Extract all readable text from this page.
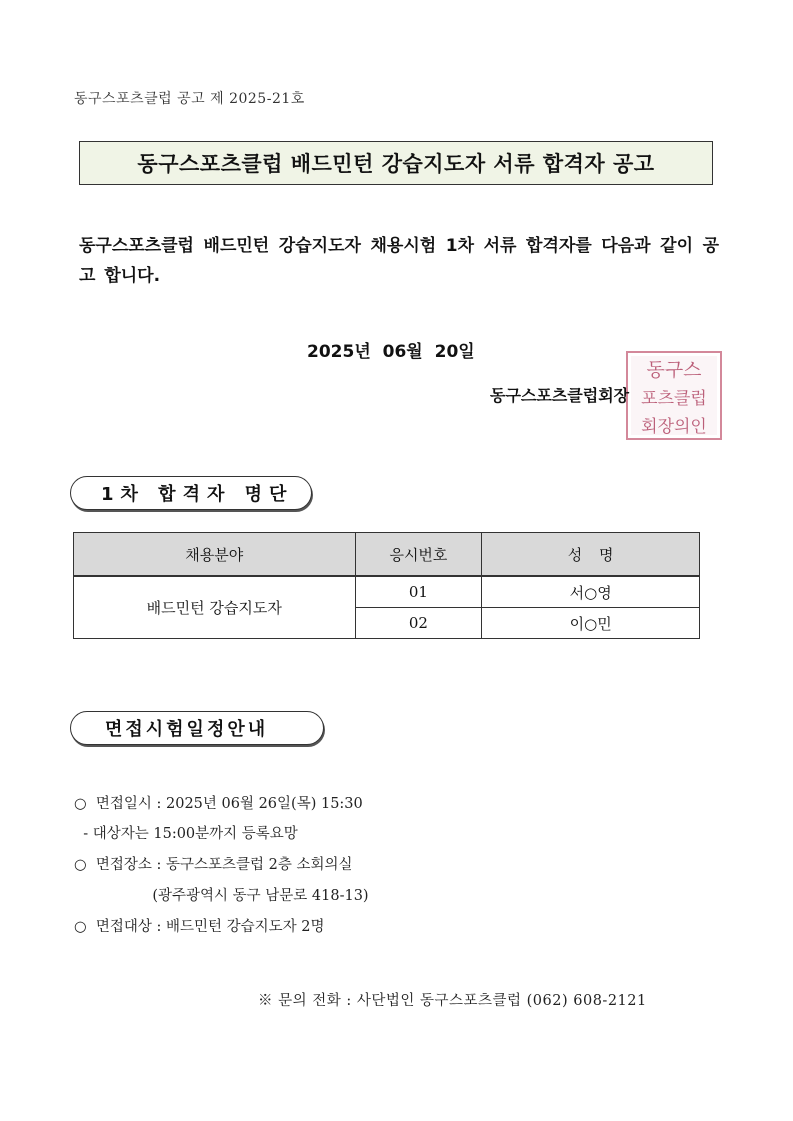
동구스포츠클럽 공고 제 2025-21호
동구스포츠클럽 배드민턴 강습지도자 서류 합격자 공고
동구스포츠클럽 배드민턴 강습지도자 채용시험 1차 서류 합격자를 다음과 같이 공고 합니다.
2025년 06월 20일
동구스
포츠클럽
회장의인
동구스포츠클럽회장
1차 합격자 명단
채용분야	응시번호	성 명
배드민턴 강습지도자	01	서○영
	02	이○민
면접시험일정안내
○  면접일시 : 2025년 06월 26일(목) 15:30
- 대상자는 15:00분까지 등록요망
○  면접장소 : 동구스포츠클럽 2층 소회의실
(광주광역시 동구 남문로 418-13)
○  면접대상 : 배드민턴 강습지도자 2명
※ 문의 전화 : 사단법인 동구스포츠클럽 (062) 608-2121
